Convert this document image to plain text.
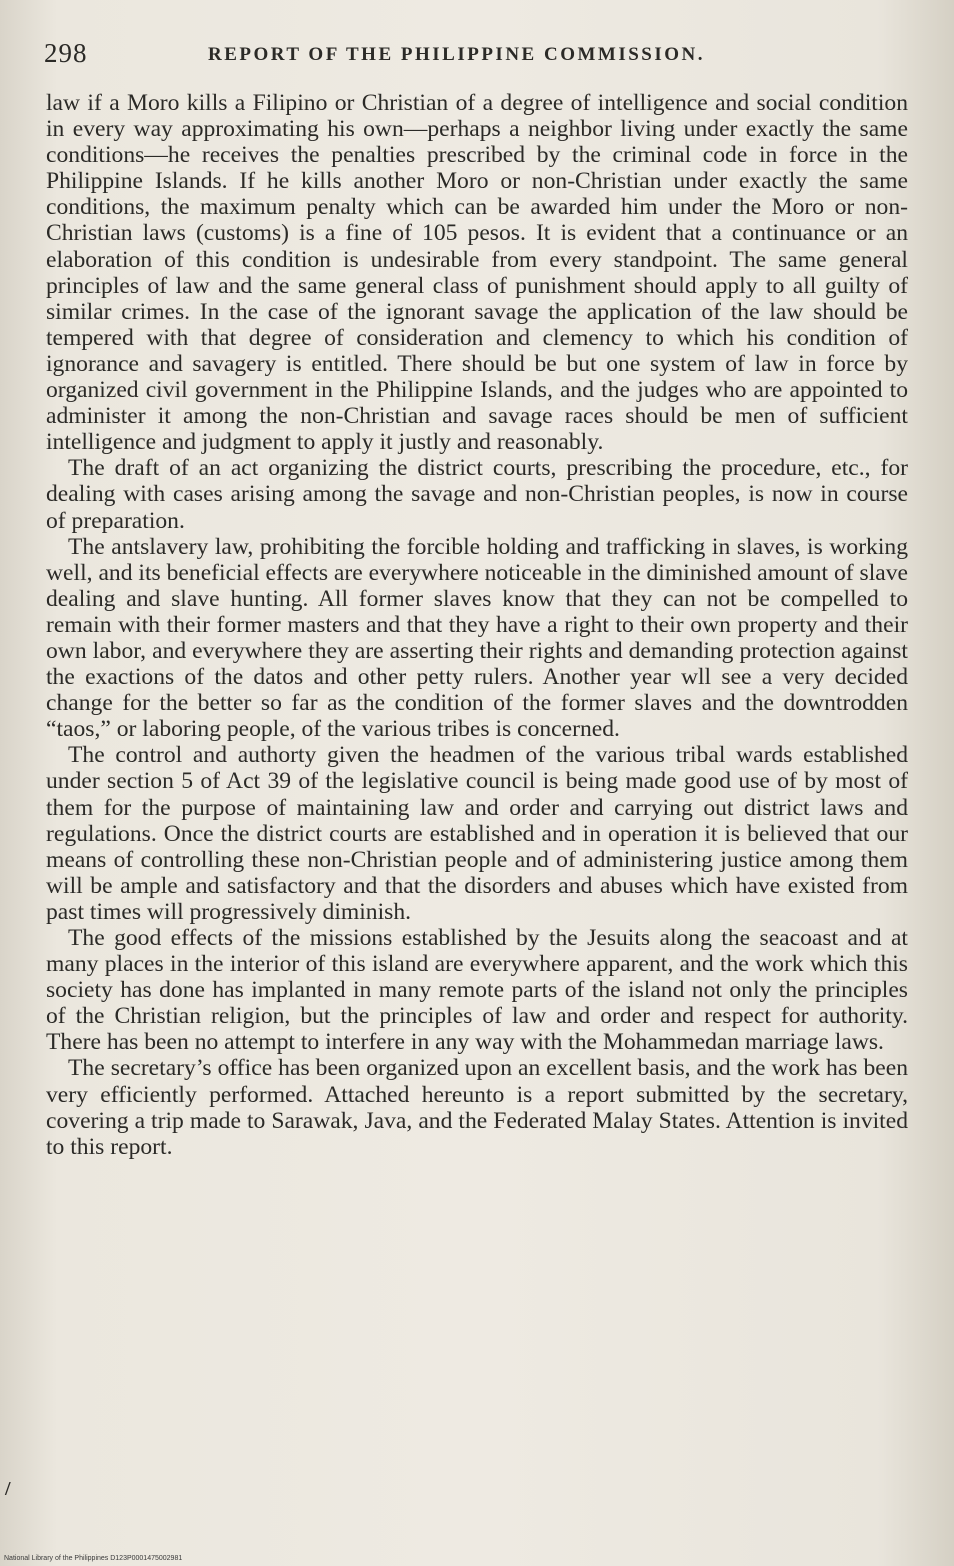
298	REPORT OF THE PHILIPPINE COMMISSION.

law if a Moro kills a Filipino or Christian of a degree of intelligence and social condition in every way approximating his own—perhaps a neighbor living under exactly the same conditions—he receives the penalties prescribed by the criminal code in force in the Philippine Islands. If he kills another Moro or non-Christian under exactly the same conditions, the maximum penalty which can be awarded him under the Moro or non-Christian laws (customs) is a fine of 105 pesos. It is evident that a continuance or an elaboration of this condition is undesirable from every standpoint. The same general principles of law and the same general class of punishment should apply to all guilty of similar crimes. In the case of the ignorant savage the application of the law should be tempered with that degree of consideration and clemency to which his condition of ignorance and savagery is entitled. There should be but one system of law in force by organized civil government in the Philippine Islands, and the judges who are appointed to administer it among the non-Christian and savage races should be men of sufficient intelligence and judgment to apply it justly and reasonably.

The draft of an act organizing the district courts, prescribing the procedure, etc., for dealing with cases arising among the savage and non-Christian peoples, is now in course of preparation.

The antslavery law, prohibiting the forcible holding and trafficking in slaves, is working well, and its beneficial effects are everywhere noticeable in the diminished amount of slave dealing and slave hunting. All former slaves know that they can not be compelled to remain with their former masters and that they have a right to their own property and their own labor, and everywhere they are asserting their rights and demanding protection against the exactions of the datos and other petty rulers. Another year wll see a very decided change for the better so far as the condition of the former slaves and the downtrodden “taos,” or laboring people, of the various tribes is concerned.

The control and authorty given the headmen of the various tribal wards established under section 5 of Act 39 of the legislative council is being made good use of by most of them for the purpose of maintaining law and order and carrying out district laws and regulations. Once the district courts are established and in operation it is believed that our means of controlling these non-Christian people and of administering justice among them will be ample and satisfactory and that the disorders and abuses which have existed from past times will progressively diminish.

The good effects of the missions established by the Jesuits along the seacoast and at many places in the interior of this island are everywhere apparent, and the work which this society has done has implanted in many remote parts of the island not only the principles of the Christian religion, but the principles of law and order and respect for authority. There has been no attempt to interfere in any way with the Mohammedan marriage laws.

The secretary’s office has been organized upon an excellent basis, and the work has been very efficiently performed. Attached hereunto is a report submitted by the secretary, covering a trip made to Sarawak, Java, and the Federated Malay States. Attention is invited to this report.

/
National Library of the Philippines D123P0001475002981
